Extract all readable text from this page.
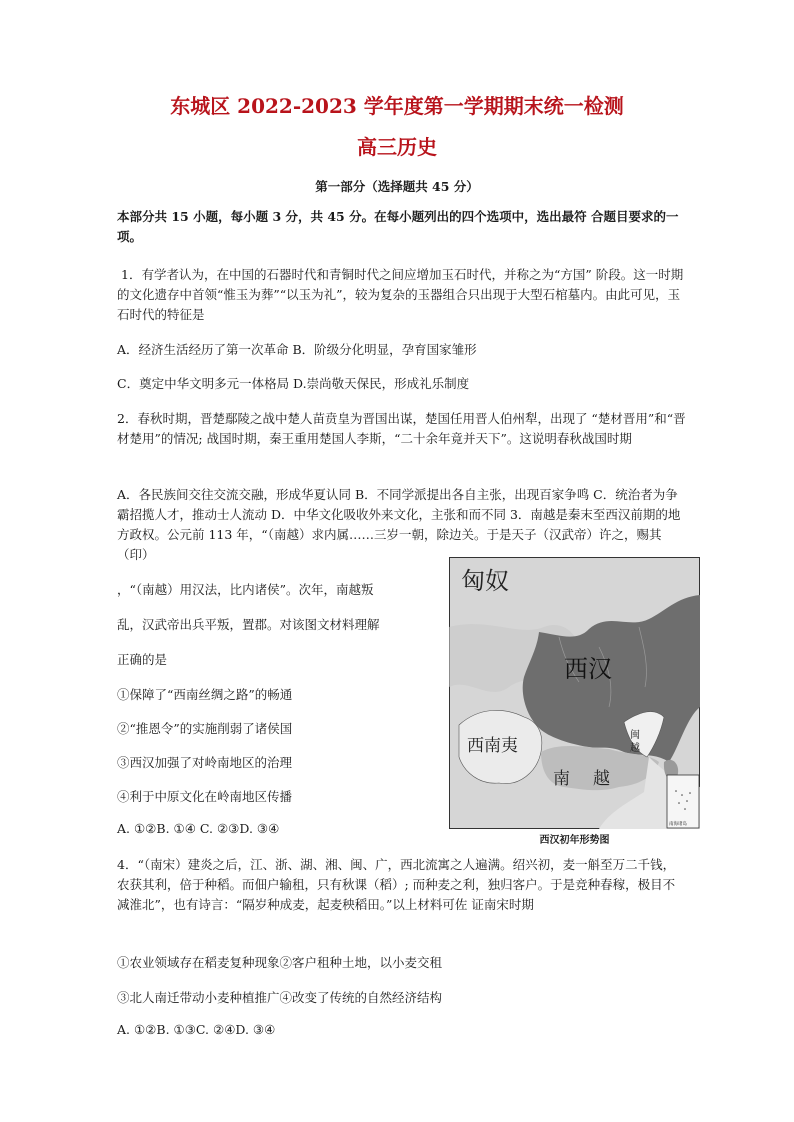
东城区 2022-2023 学年度第一学期期末统一检测
高三历史
第一部分（选择题共 45 分）
本部分共 15 小题，每小题 3 分，共 45 分。在每小题列出的四个选项中，选出最符 合题目要求的一项。
1．有学者认为，在中国的石器时代和青铜时代之间应增加玉石时代，并称之为“方国” 阶段。这一时期的文化遗存中首领“惟玉为葬”“以玉为礼”，较为复杂的玉器组合只出现于大型石棺墓内。由此可见，玉石时代的特征是
A．经济生活经历了第一次革命 B．阶级分化明显，孕育国家雏形
C．奠定中华文明多元一体格局 D.崇尚敬天保民，形成礼乐制度
2．春秋时期，晋楚鄢陵之战中楚人苗贲皇为晋国出谋，楚国任用晋人伯州犁，出现了 “楚材晋用”和“晋材楚用”的情况; 战国时期，秦王重用楚国人李斯，“二十余年竟并天下”。这说明春秋战国时期
A．各民族间交往交流交融，形成华夏认同 B．不同学派提出各自主张，出现百家争鸣 C．统治者为争霸招揽人才，推动士人流动 D．中华文化吸收外来文化，主张和而不同 3．南越是秦末至西汉前期的地方政权。公元前 113 年，“（南越）求内属……三岁一朝，除边关。于是天子（汉武帝）许之，赐其（印）
，“（南越）用汉法，比内诸侯”。次年，南越叛
乱，汉武帝出兵平叛，置郡。对该图文材料理解
正确的是
①保障了“西南丝绸之路”的畅通
②“推恩令”的实施削弱了诸侯国
③西汉加强了对岭南地区的治理
④利于中原文化在岭南地区传播
A. ①②B. ①④ C. ②③D. ③④
匈奴
西汉
西南夷
南 越
闽
越
南海诸岛
西汉初年形势图
4．“（南宋）建炎之后，江、浙、湖、湘、闽、广，西北流寓之人遍满。绍兴初，麦一斛至万二千钱，农获其利，倍于种稻。而佃户输租，只有秋课（稻）; 而种麦之利，独归客户。于是竞种春稼，极目不减淮北”，也有诗言：“隔岁种成麦，起麦秧稻田。”以上材料可佐 证南宋时期
①农业领域存在稻麦复种现象②客户租种土地，以小麦交租
③北人南迁带动小麦种植推广④改变了传统的自然经济结构
A. ①②B. ①③C. ②④D. ③④
